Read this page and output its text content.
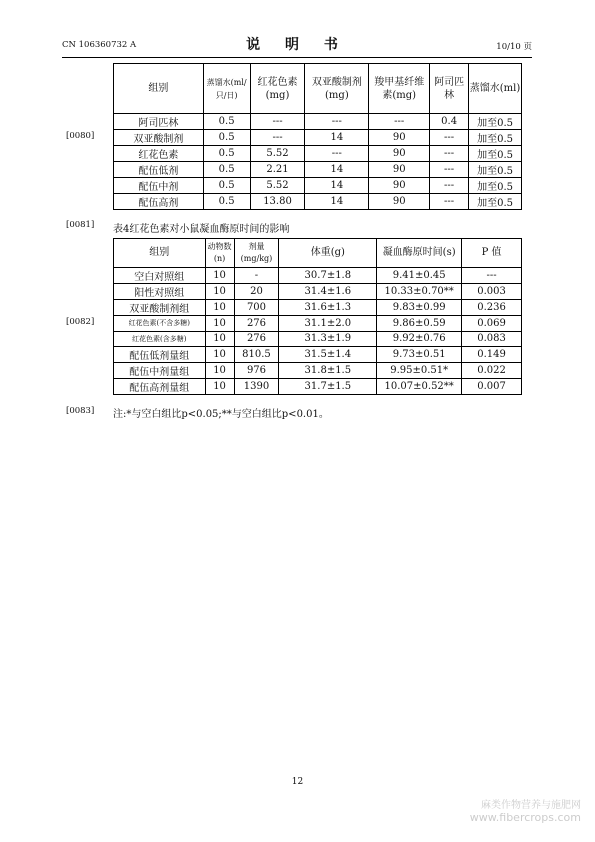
CN 106360732 A	说 明 书	10/10 页
[0080]
[0081]
[0082]
[0083]
组别	蒸馏水(ml/只/日)	红花色素(mg)	双亚酸制剂(mg)	羧甲基纤维素(mg)	阿司匹林	蒸馏水(ml)
阿司匹林	0.5	---	---	---	0.4	加至0.5
双亚酸制剂	0.5	---	14	90	---	加至0.5
红花色素	0.5	5.52	---	90	---	加至0.5
配伍低剂	0.5	2.21	14	90	---	加至0.5
配伍中剂	0.5	5.52	14	90	---	加至0.5
配伍高剂	0.5	13.80	14	90	---	加至0.5
表4红花色素对小鼠凝血酶原时间的影响
组别	动物数(n)	剂量(mg/kg)	体重(g)	凝血酶原时间(s)	P 值
空白对照组	10	-	30.7±1.8	9.41±0.45	---
阳性对照组	10	20	31.4±1.6	10.33±0.70**	0.003
双亚酸制剂组	10	700	31.6±1.3	9.83±0.99	0.236
红花色素(不含多糖)	10	276	31.1±2.0	9.86±0.59	0.069
红花色素(含多糖)	10	276	31.3±1.9	9.92±0.76	0.083
配伍低剂量组	10	810.5	31.5±1.4	9.73±0.51	0.149
配伍中剂量组	10	976	31.8±1.5	9.95±0.51*	0.022
配伍高剂量组	10	1390	31.7±1.5	10.07±0.52**	0.007
注:*与空白组比p<0.05;**与空白组比p<0.01。
12
麻类作物营养与施肥网
www.fibercrops.com
